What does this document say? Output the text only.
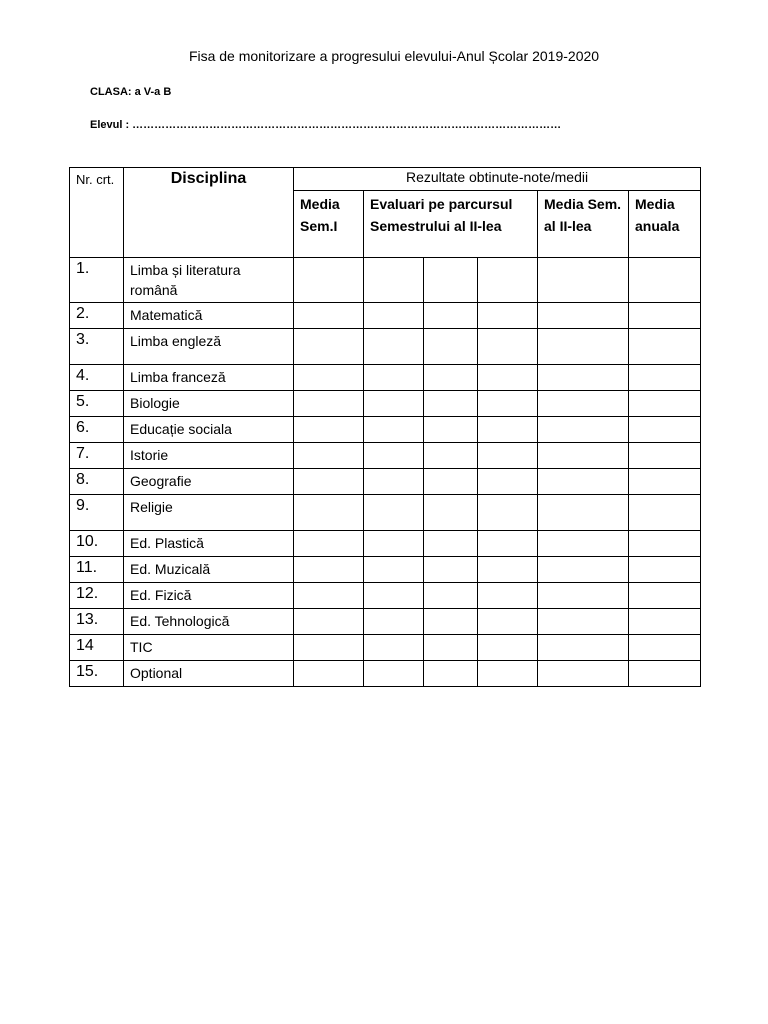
Fisa de monitorizare a progresului elevului-Anul Școlar 2019-2020
CLASA: a V-a B
Elevul : ………………………………………………………………………………………………………
Nr. crt.	Disciplina	Rezultate obtinute-note/medii					
		Media Sem.I	Evaluari pe parcursul Semestrului al II-lea			Media Sem. al II-lea	Media anuala
1.	Limba și literatura română						
2.	Matematică						
3.	Limba engleză						
4.	Limba franceză						
5.	Biologie						
6.	Educație sociala						
7.	Istorie						
8.	Geografie						
9.	Religie						
10.	Ed. Plastică						
11.	Ed. Muzicală						
12.	Ed. Fizică						
13.	Ed. Tehnologică						
14	TIC						
15.	Optional						
